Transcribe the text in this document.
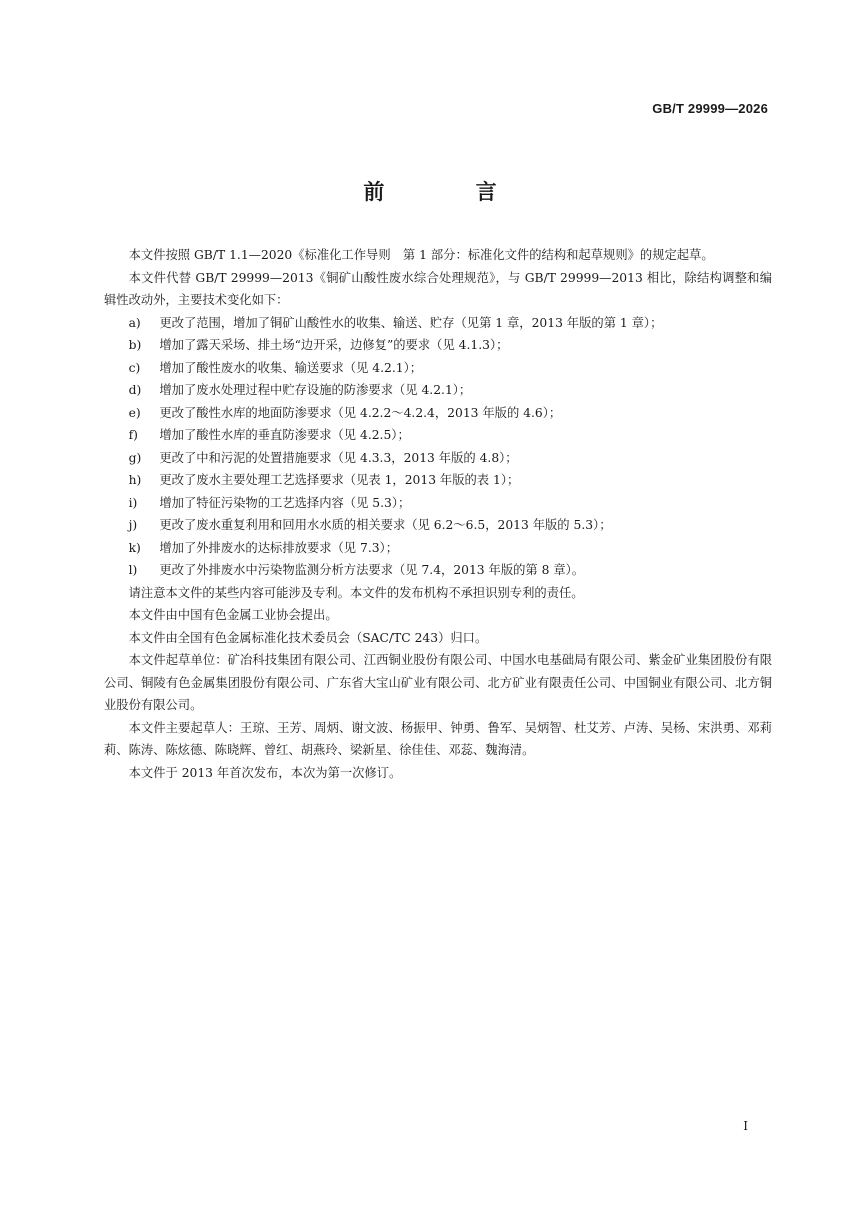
GB/T 29999—2026
前 言

本文件按照 GB/T 1.1—2020《标准化工作导则　第 1 部分：标准化文件的结构和起草规则》的规定起草。

本文件代替 GB/T 29999—2013《铜矿山酸性废水综合处理规范》，与 GB/T 29999—2013 相比，除结构调整和编辑性改动外，主要技术变化如下：

a)	更改了范围，增加了铜矿山酸性水的收集、输送、贮存（见第 1 章，2013 年版的第 1 章）；
b)	增加了露天采场、排土场“边开采，边修复”的要求（见 4.1.3）；
c)	增加了酸性废水的收集、输送要求（见 4.2.1）；
d)	增加了废水处理过程中贮存设施的防渗要求（见 4.2.1）；
e)	更改了酸性水库的地面防渗要求（见 4.2.2～4.2.4，2013 年版的 4.6）；
f)	增加了酸性水库的垂直防渗要求（见 4.2.5）；
g)	更改了中和污泥的处置措施要求（见 4.3.3，2013 年版的 4.8）；
h)	更改了废水主要处理工艺选择要求（见表 1，2013 年版的表 1）；
i)	增加了特征污染物的工艺选择内容（见 5.3）；
j)	更改了废水重复利用和回用水水质的相关要求（见 6.2～6.5，2013 年版的 5.3）；
k)	增加了外排废水的达标排放要求（见 7.3）；
l)	更改了外排废水中污染物监测分析方法要求（见 7.4，2013 年版的第 8 章）。

请注意本文件的某些内容可能涉及专利。本文件的发布机构不承担识别专利的责任。

本文件由中国有色金属工业协会提出。

本文件由全国有色金属标准化技术委员会（SAC/TC 243）归口。

本文件起草单位：矿冶科技集团有限公司、江西铜业股份有限公司、中国水电基础局有限公司、紫金矿业集团股份有限公司、铜陵有色金属集团股份有限公司、广东省大宝山矿业有限公司、北方矿业有限责任公司、中国铜业有限公司、北方铜业股份有限公司。

本文件主要起草人：王琼、王芳、周炳、谢文波、杨振甲、钟勇、鲁军、吴炳智、杜艾芳、卢涛、吴杨、宋洪勇、邓莉莉、陈涛、陈炫德、陈晓辉、曾红、胡燕玲、梁新星、徐佳佳、邓蕊、魏海清。

本文件于 2013 年首次发布，本次为第一次修订。

I
